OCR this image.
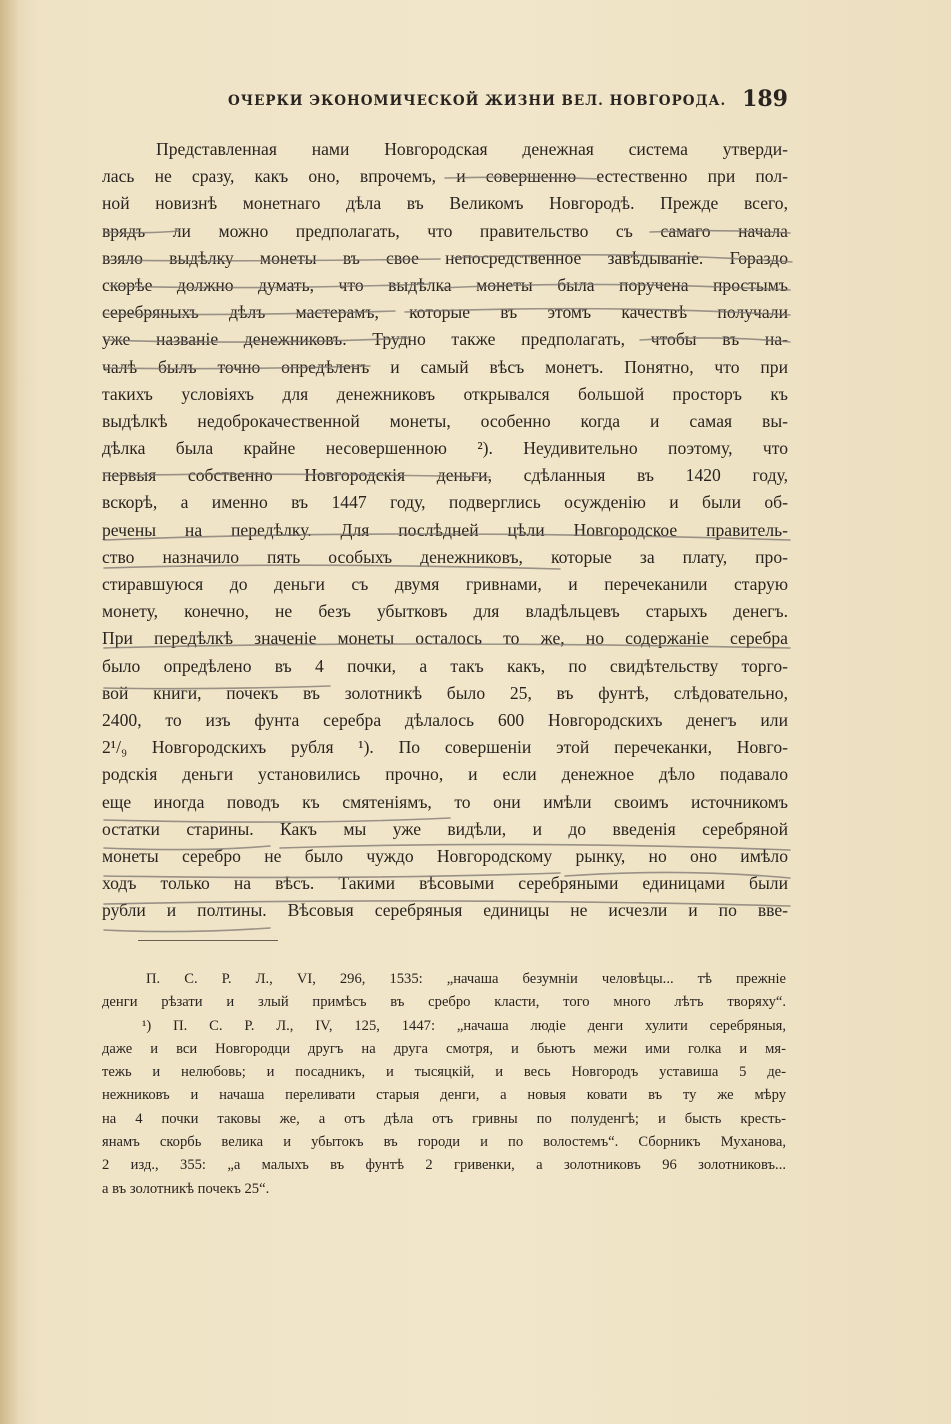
ОЧЕРКИ ЭКОНОМИЧЕСКОЙ ЖИЗНИ ВЕЛ. НОВГОРОДА. 189
Представленная нами Новгородская денежная система утверди-
лась не сразу, какъ оно, впрочемъ, и совершенно естественно при пол-
ной новизнѣ монетнаго дѣла въ Великомъ Новгородѣ. Прежде всего,
врядъ ли можно предполагать, что правительство съ самаго начала
взяло выдѣлку монеты въ свое непосредственное завѣдываніе. Гораздо
скорѣе должно думать, что выдѣлка монеты была поручена простымъ
серебряныхъ дѣлъ мастерамъ, которые въ этомъ качествѣ получали
уже названіе денежниковъ. Трудно также предполагать, чтобы въ на-
чалѣ былъ точно опредѣленъ и самый вѣсъ монетъ. Понятно, что при
такихъ условіяхъ для денежниковъ открывался большой просторъ къ
выдѣлкѣ недоброкачественной монеты, особенно когда и самая вы-
дѣлка была крайне несовершенною ²). Неудивительно поэтому, что
первыя собственно Новгородскія деньги, сдѣланныя въ 1420 году,
вскорѣ, а именно въ 1447 году, подверглись осужденію и были об-
речены на передѣлку. Для послѣдней цѣли Новгородское правитель-
ство назначило пять особыхъ денежниковъ, которые за плату, про-
стиравшуюся до деньги съ двумя гривнами, и перечеканили старую
монету, конечно, не безъ убытковъ для владѣльцевъ старыхъ денегъ.
При передѣлкѣ значеніе монеты осталось то же, но содержаніе серебра
было опредѣлено въ 4 почки, а такъ какъ, по свидѣтельству торго-
вой книги, почекъ въ золотникѣ было 25, въ фунтѣ, слѣдовательно,
2400, то изъ фунта серебра дѣлалось 600 Новгородскихъ денегъ или
2¹/₉ Новгородскихъ рубля ¹). По совершеніи этой перечеканки, Новго-
родскія деньги установились прочно, и если денежное дѣло подавало
еще иногда поводъ къ смятеніямъ, то они имѣли своимъ источникомъ
остатки старины. Какъ мы уже видѣли, и до введенія серебряной
монеты серебро не было чуждо Новгородскому рынку, но оно имѣло
ходъ только на вѣсъ. Такими вѣсовыми серебряными единицами были
рубли и полтины. Вѣсовыя серебряныя единицы не исчезли и по вве-
П. С. Р. Л., VI, 296, 1535: „начаша безумніи человѣцы... тѣ прежніе
денги рѣзати и злый примѣсъ въ сребро класти, того много лѣтъ творяху“.
¹) П. С. Р. Л., IV, 125, 1447: „начаша людіе денги хулити серебряныя,
даже и вси Новгородци другъ на друга смотря, и бьютъ межи ими голка и мя-
тежь и нелюбовь; и посадникъ, и тысяцкій, и весь Новгородъ уставиша 5 де-
нежниковъ и начаша переливати старыя денги, а новыя ковати въ ту же мѣру
на 4 почки таковы же, а отъ дѣла отъ гривны по полуденгѣ; и бысть кресть-
янамъ скорбь велика и убытокъ въ городи и по волостемъ“. Сборникъ Муханова,
2 изд., 355: „а малыхъ въ фунтѣ 2 гривенки, а золотниковъ 96 золотниковъ...
а въ золотникѣ почекъ 25“.
